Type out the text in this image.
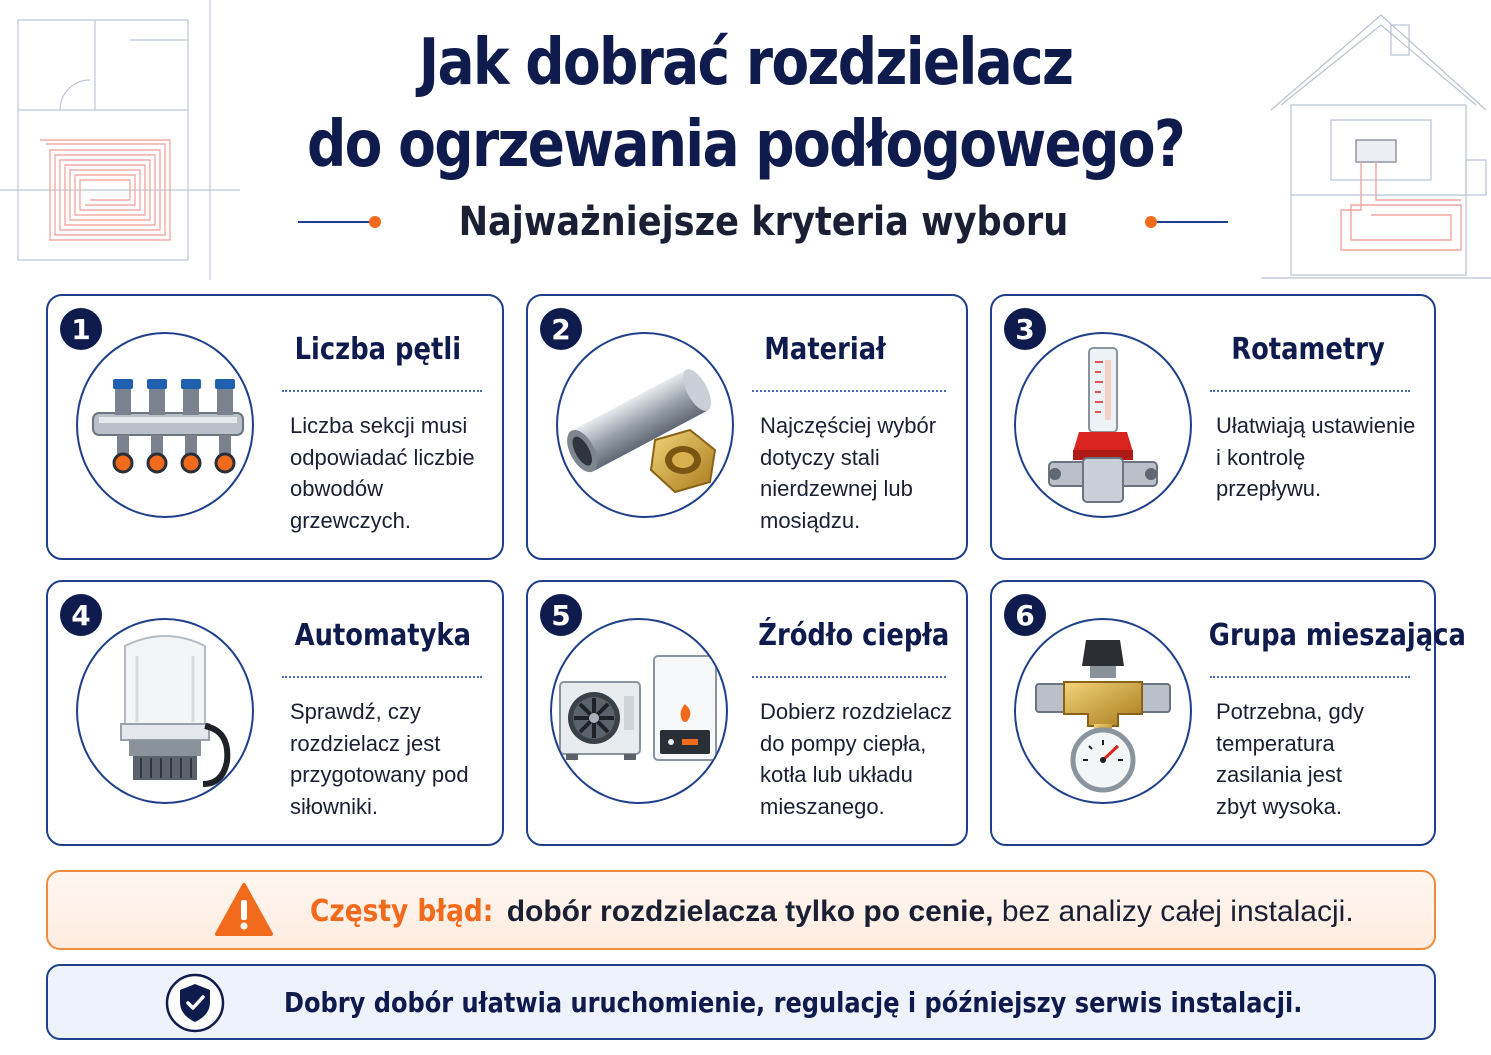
Jak dobrać rozdzielacz
do ogrzewania podłogowego?
Najważniejsze kryteria wyboru
1
Liczba pętli
Liczba sekcji musi
odpowiadać liczbie
obwodów grzewczych.
2
Materiał
Najczęściej wybór
dotyczy stali
nierdzewnej lub
mosiądzu.
3
Rotametry
Ułatwiają ustawienie
i kontrolę
przepływu.
4
Automatyka
Sprawdź, czy
rozdzielacz jest
przygotowany pod
siłowniki.
5
Źródło ciepła
Dobierz rozdzielacz
do pompy ciepła,
kotła lub układu
mieszanego.
6
Grupa mieszająca
Potrzebna, gdy
temperatura
zasilania jest
zbyt wysoka.
Częsty błąd: dobór rozdzielacza tylko po cenie, bez analizy całej instalacji.
Dobry dobór ułatwia uruchomienie, regulację i późniejszy serwis instalacji.
